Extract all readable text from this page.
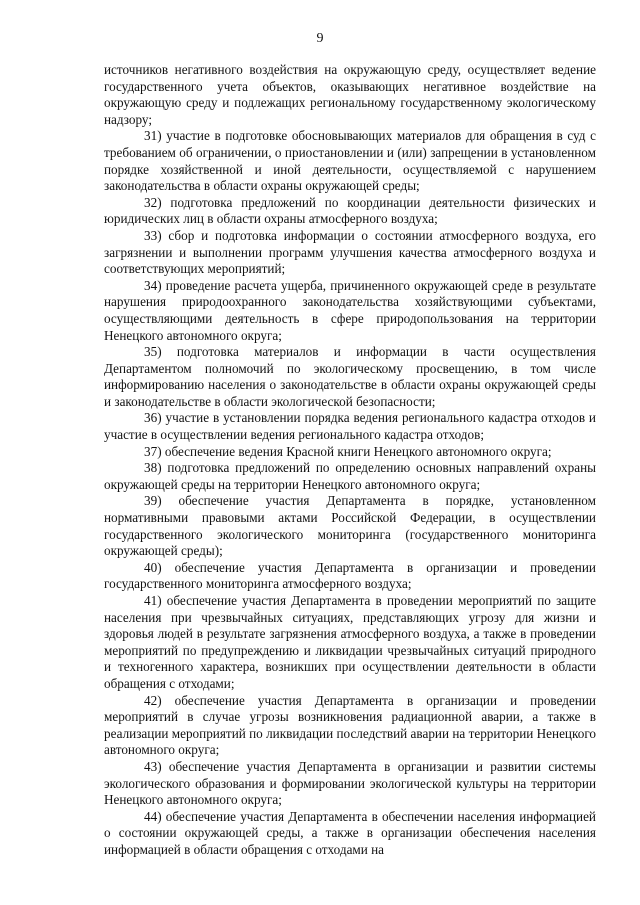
9

источников негативного воздействия на окружающую среду, осуществляет ведение государственного учета объектов, оказывающих негативное воздействие на окружающую среду и подлежащих региональному государственному экологическому надзору;

31) участие в подготовке обосновывающих материалов для обращения в суд с требованием об ограничении, о приостановлении и (или) запрещении в установленном порядке хозяйственной и иной деятельности, осуществляемой с нарушением законодательства в области охраны окружающей среды;

32) подготовка предложений по координации деятельности физических и юридических лиц в области охраны атмосферного воздуха;

33) сбор и подготовка информации о состоянии атмосферного воздуха, его загрязнении и выполнении программ улучшения качества атмосферного воздуха и соответствующих мероприятий;

34) проведение расчета ущерба, причиненного окружающей среде в результате нарушения природоохранного законодательства хозяйствующими субъектами, осуществляющими деятельность в сфере природопользования на территории Ненецкого автономного округа;

35) подготовка материалов и информации в части осуществления Департаментом полномочий по экологическому просвещению, в том числе информированию населения о законодательстве в области охраны окружающей среды и законодательстве в области экологической безопасности;

36) участие в установлении порядка ведения регионального кадастра отходов и участие в осуществлении ведения регионального кадастра отходов;

37) обеспечение ведения Красной книги Ненецкого автономного округа;

38) подготовка предложений по определению основных направлений охраны окружающей среды на территории Ненецкого автономного округа;

39) обеспечение участия Департамента в порядке, установленном нормативными правовыми актами Российской Федерации, в осуществлении государственного экологического мониторинга (государственного мониторинга окружающей среды);

40) обеспечение участия Департамента в организации и проведении государственного мониторинга атмосферного воздуха;

41) обеспечение участия Департамента в проведении мероприятий по защите населения при чрезвычайных ситуациях, представляющих угрозу для жизни и здоровья людей в результате загрязнения атмосферного воздуха, а также в проведении мероприятий по предупреждению и ликвидации чрезвычайных ситуаций природного и техногенного характера, возникших при осуществлении деятельности в области обращения с отходами;

42) обеспечение участия Департамента в организации и проведении мероприятий в случае угрозы возникновения радиационной аварии, а также в реализации мероприятий по ликвидации последствий аварии на территории Ненецкого автономного округа;

43) обеспечение участия Департамента в организации и развитии системы экологического образования и формировании экологической культуры на территории Ненецкого автономного округа;

44) обеспечение участия Департамента в обеспечении населения информацией о состоянии окружающей среды, а также в организации обеспечения населения информацией в области обращения с отходами на
